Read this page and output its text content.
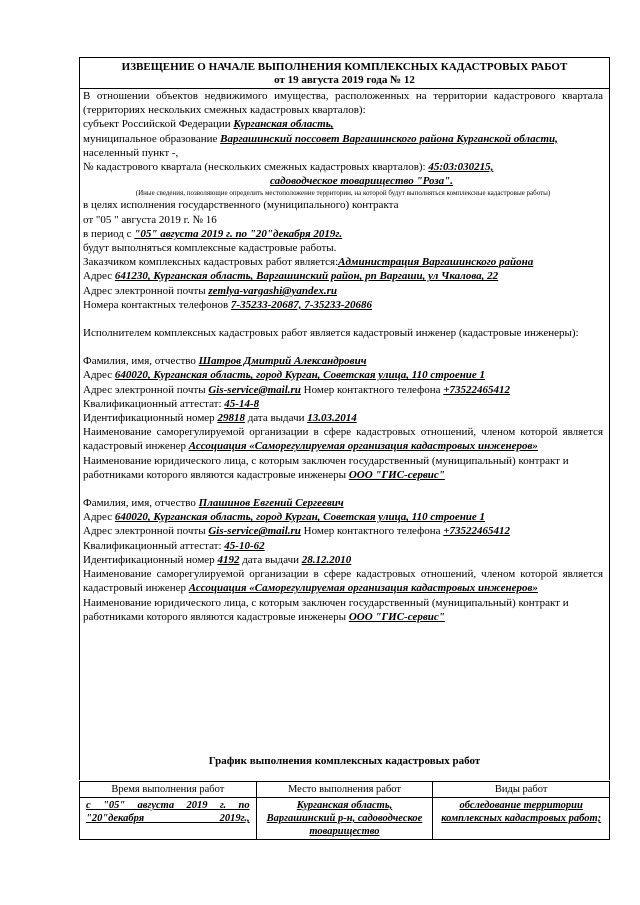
ИЗВЕЩЕНИЕ О НАЧАЛЕ ВЫПОЛНЕНИЯ КОМПЛЕКСНЫХ КАДАСТРОВЫХ РАБОТ
от 19 августа 2019 года № 12

В отношении объектов недвижимого имущества, расположенных на территории кадастрового квартала (территориях нескольких смежных кадастровых кварталов):

субъект Российской Федерации Курганская область,

муниципальное образование Варгашинский поссовет Варгашинского района Курганской области,

населенный пункт -,

№ кадастрового квартала (нескольких смежных кадастровых кварталов): 45:03:030215,

садоводческое товарищество "Роза".

(Иные сведения, позволяющие определить местоположение территории, на которой будут выполняться комплексные кадастровые работы)

в целях исполнения государственного (муниципального) контракта

от "05 " августа 2019 г. № 16

в период с "05" августа 2019 г. по "20"декабря 2019г.

будут выполняться комплексные кадастровые работы.

Заказчиком комплексных кадастровых работ является:Администрация Варгашинского района

Адрес 641230, Курганская область, Варгашинский район, рп Варгаши, ул Чкалова, 22

Адрес электронной почты zemlya-vargashi@yandex.ru

Номера контактных телефонов 7-35233-20687, 7-35233-20686

Исполнителем комплексных кадастровых работ является кадастровый инженер (кадастровые инженеры):

Фамилия, имя, отчество Шатров Дмитрий Александрович

Адрес 640020, Курганская область, город Курган, Советская улица, 110 строение 1

Адрес электронной почты Gis-service@mail.ru Номер контактного телефона +73522465412

Квалификационный аттестат: 45-14-8

Идентификационный номер 29818 дата выдачи 13.03.2014

Наименование саморегулируемой организации в сфере кадастровых отношений, членом которой является кадастровый инженер Ассоциация «Саморегулируемая организация кадастровых инженеров»

Наименование юридического лица, с которым заключен государственный (муниципальный) контракт и работниками которого являются кадастровые инженеры ООО "ГИС-сервис"

Фамилия, имя, отчество Плашинов Евгений Сергеевич

Адрес 640020, Курганская область, город Курган, Советская улица, 110 строение 1

Адрес электронной почты Gis-service@mail.ru Номер контактного телефона +73522465412

Квалификационный аттестат: 45-10-62

Идентификационный номер 4192 дата выдачи 28.12.2010

Наименование саморегулируемой организации в сфере кадастровых отношений, членом которой является кадастровый инженер Ассоциация «Саморегулируемая организация кадастровых инженеров»

Наименование юридического лица, с которым заключен государственный (муниципальный) контракт и работниками которого являются кадастровые инженеры ООО "ГИС-сервис"

График выполнения комплексных кадастровых работ
Время выполнения работ	Место выполнения работ	Виды работ
с "05" августа 2019 г. по "20"декабря 2019г.,	Курганская область, Варгашинский р-н, садоводческое товарищество	обследование территории комплексных кадастровых работ;
